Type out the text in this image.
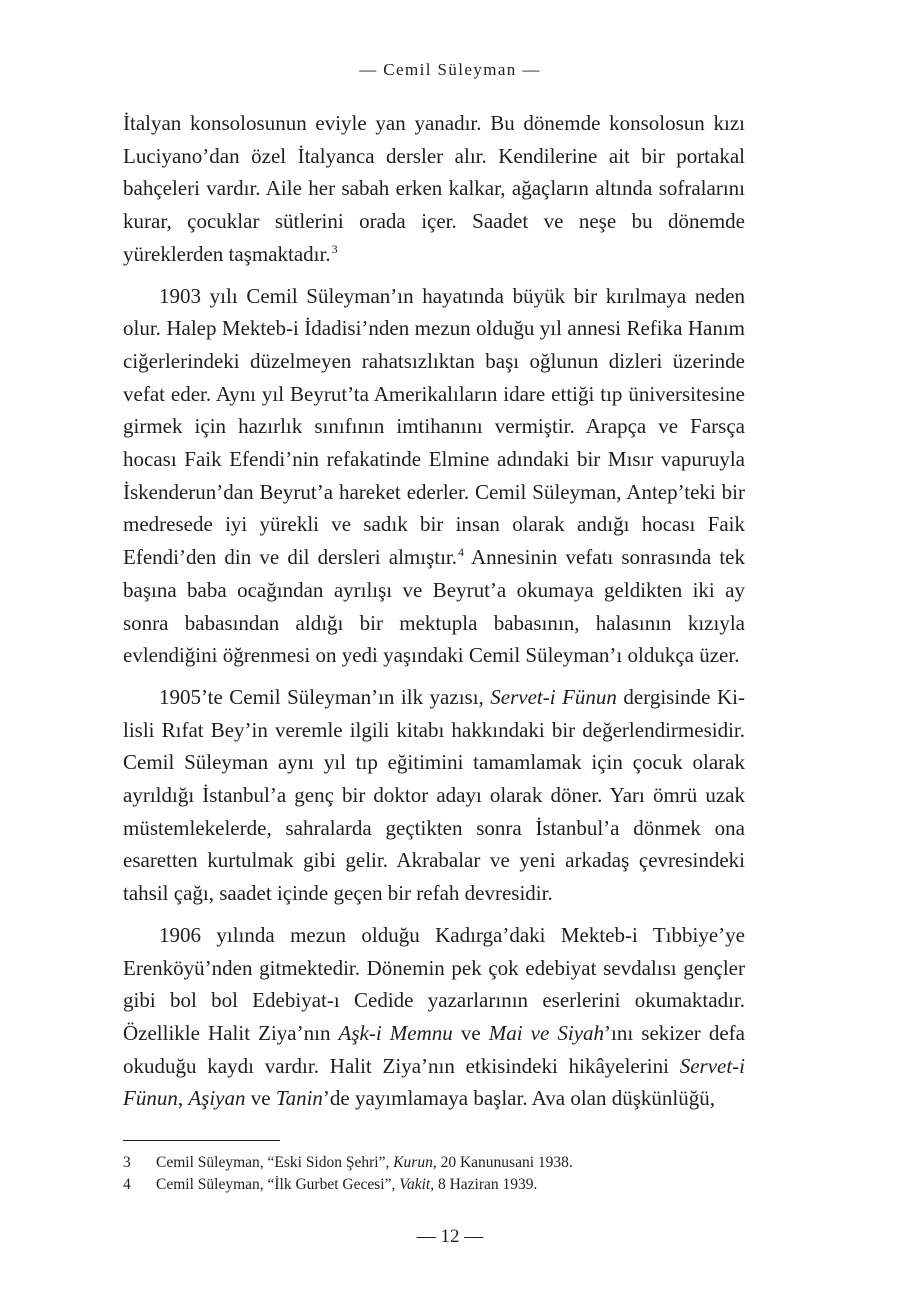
— Cemil Süleyman —

İtalyan konsolosunun eviyle yan yanadır. Bu dönemde konsolosun kızı Luciyano’dan özel İtalyanca dersler alır. Kendilerine ait bir portakal bahçeleri vardır. Aile her sabah erken kalkar, ağaçların altında sofralarını kurar, çocuklar sütlerini orada içer. Saadet ve neşe bu dönemde yüreklerden taşmaktadır.$^3$

1903 yılı Cemil Süleyman’ın hayatında büyük bir kırılmaya neden olur. Halep Mekteb-i İdadisi’nden mezun olduğu yıl annesi Refika Hanım ciğerlerindeki düzelmeyen rahatsızlıktan başı oğlunun dizleri üzerinde vefat eder. Aynı yıl Beyrut’ta Amerikalıların idare ettiği tıp üniversitesine girmek için hazırlık sınıfının imtihanını vermiştir. Arapça ve Farsça hocası Faik Efendi’nin refakatinde Elmine adındaki bir Mısır vapuruyla İskenderun’dan Beyrut’a hareket ederler. Cemil Süleyman, Antep’teki bir medresede iyi yürekli ve sadık bir insan olarak andığı hocası Faik Efendi’den din ve dil dersleri almıştır.$^4$ Annesinin vefatı sonrasında tek başına baba ocağından ayrılışı ve Beyrut’a okumaya geldikten iki ay sonra babasından aldığı bir mektupla babasının, halasının kızıyla evlendiğini öğrenmesi on yedi yaşındaki Cemil Süleyman’ı oldukça üzer.

1905’te Cemil Süleyman’ın ilk yazısı, Servet-i Fünun dergisinde Kilisli Rıfat Bey’in veremle ilgili kitabı hakkındaki bir değerlendirmesidir. Cemil Süleyman aynı yıl tıp eğitimini tamamlamak için çocuk olarak ayrıldığı İstanbul’a genç bir doktor adayı olarak döner. Yarı ömrü uzak müstemlekelerde, sahralarda geçtikten sonra İstanbul’a dönmek ona esaretten kurtulmak gibi gelir. Akrabalar ve yeni arkadaş çevresindeki tahsil çağı, saadet içinde geçen bir refah devresidir.

1906 yılında mezun olduğu Kadırga’daki Mekteb-i Tıbbiye’ye Erenköyü’nden gitmektedir. Dönemin pek çok edebiyat sevdalısı gençler gibi bol bol Edebiyat-ı Cedide yazarlarının eserlerini okumaktadır. Özellikle Halit Ziya’nın Aşk-i Memnu ve Mai ve Siyah’ını sekizer defa okuduğu kaydı vardır. Halit Ziya’nın etkisindeki hikâyelerini Servet-i Fünun, Aşiyan ve Tanin’de yayımlamaya başlar. Ava olan düşkünlüğü,

3	Cemil Süleyman, “Eski Sidon Şehri”, Kurun, 20 Kanunusani 1938.
4	Cemil Süleyman, “İlk Gurbet Gecesi”, Vakit, 8 Haziran 1939.
— 12 —
